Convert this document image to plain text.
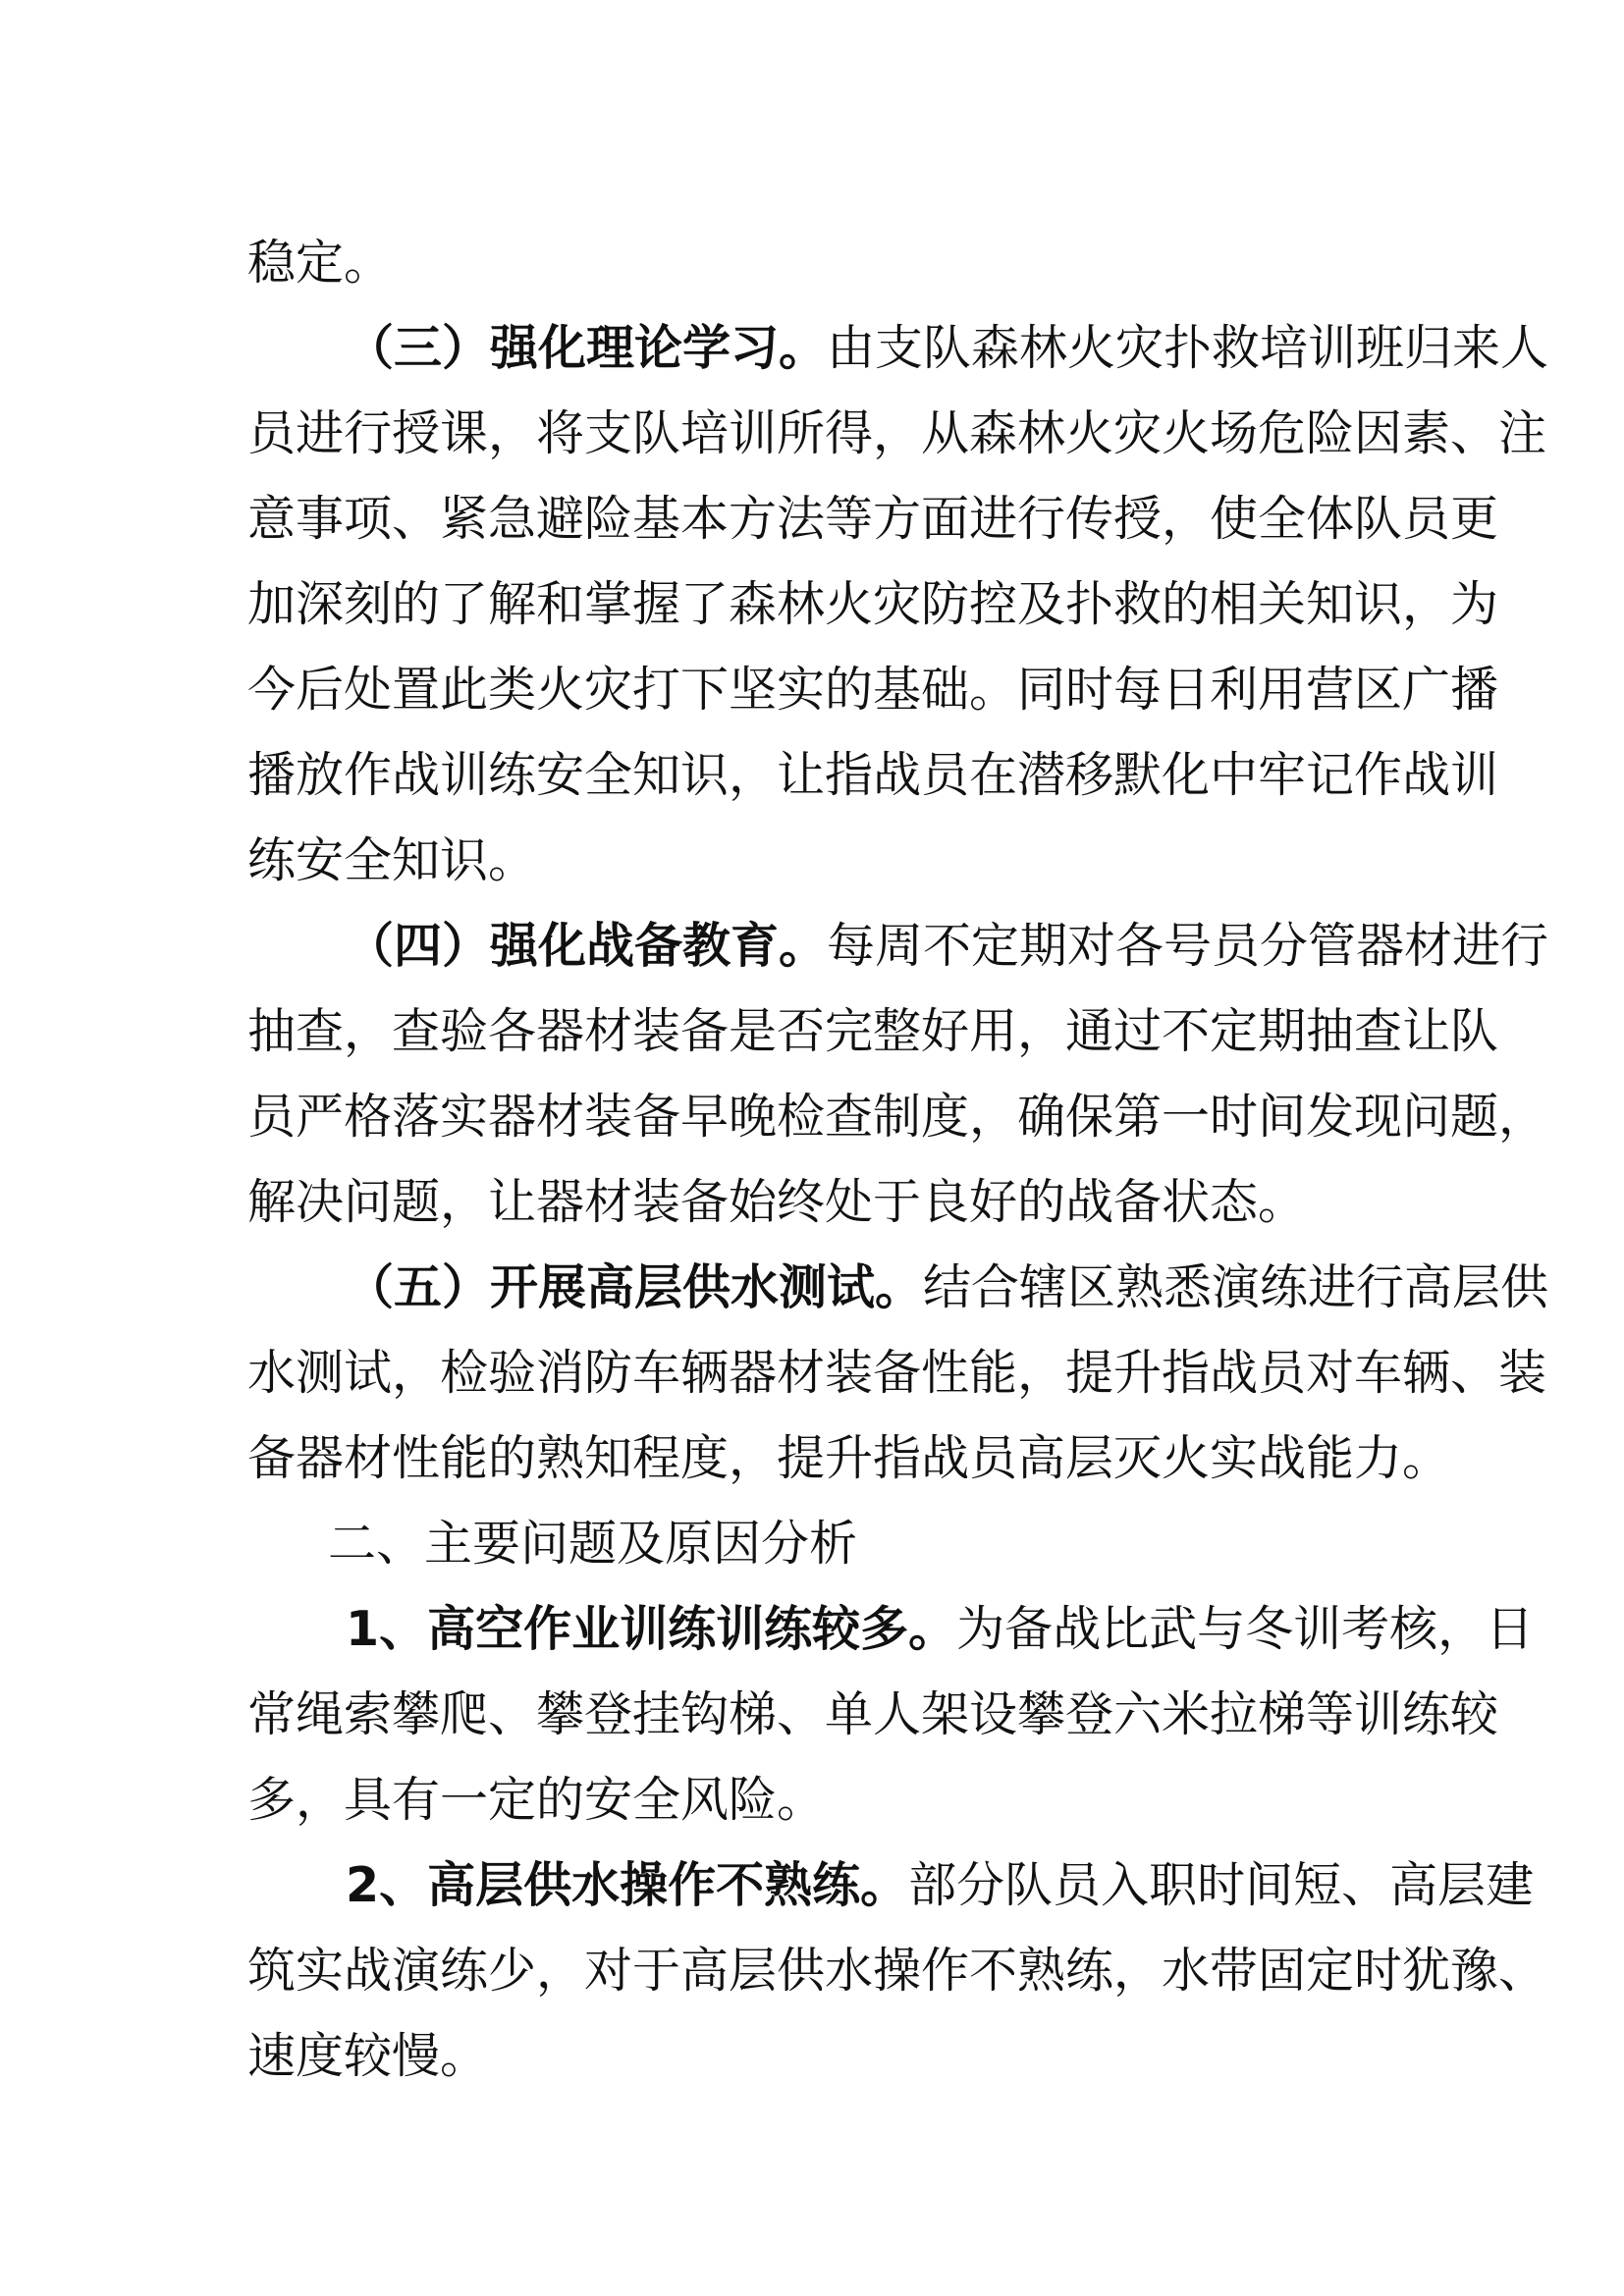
稳定。
（三）强化理论学习。由支队森林火灾扑救培训班归来人
员进行授课，将支队培训所得，从森林火灾火场危险因素、注
意事项、紧急避险基本方法等方面进行传授，使全体队员更
加深刻的了解和掌握了森林火灾防控及扑救的相关知识，为
今后处置此类火灾打下坚实的基础。同时每日利用营区广播
播放作战训练安全知识，让指战员在潜移默化中牢记作战训
练安全知识。
（四）强化战备教育。每周不定期对各号员分管器材进行
抽查，查验各器材装备是否完整好用，通过不定期抽查让队
员严格落实器材装备早晚检查制度，确保第一时间发现问题，
解决问题，让器材装备始终处于良好的战备状态。
（五）开展高层供水测试。结合辖区熟悉演练进行高层供
水测试，检验消防车辆器材装备性能，提升指战员对车辆、装
备器材性能的熟知程度，提升指战员高层灭火实战能力。
二、主要问题及原因分析
1、高空作业训练训练较多。为备战比武与冬训考核，日
常绳索攀爬、攀登挂钩梯、单人架设攀登六米拉梯等训练较
多，具有一定的安全风险。
2、高层供水操作不熟练。部分队员入职时间短、高层建
筑实战演练少，对于高层供水操作不熟练，水带固定时犹豫、
速度较慢。
